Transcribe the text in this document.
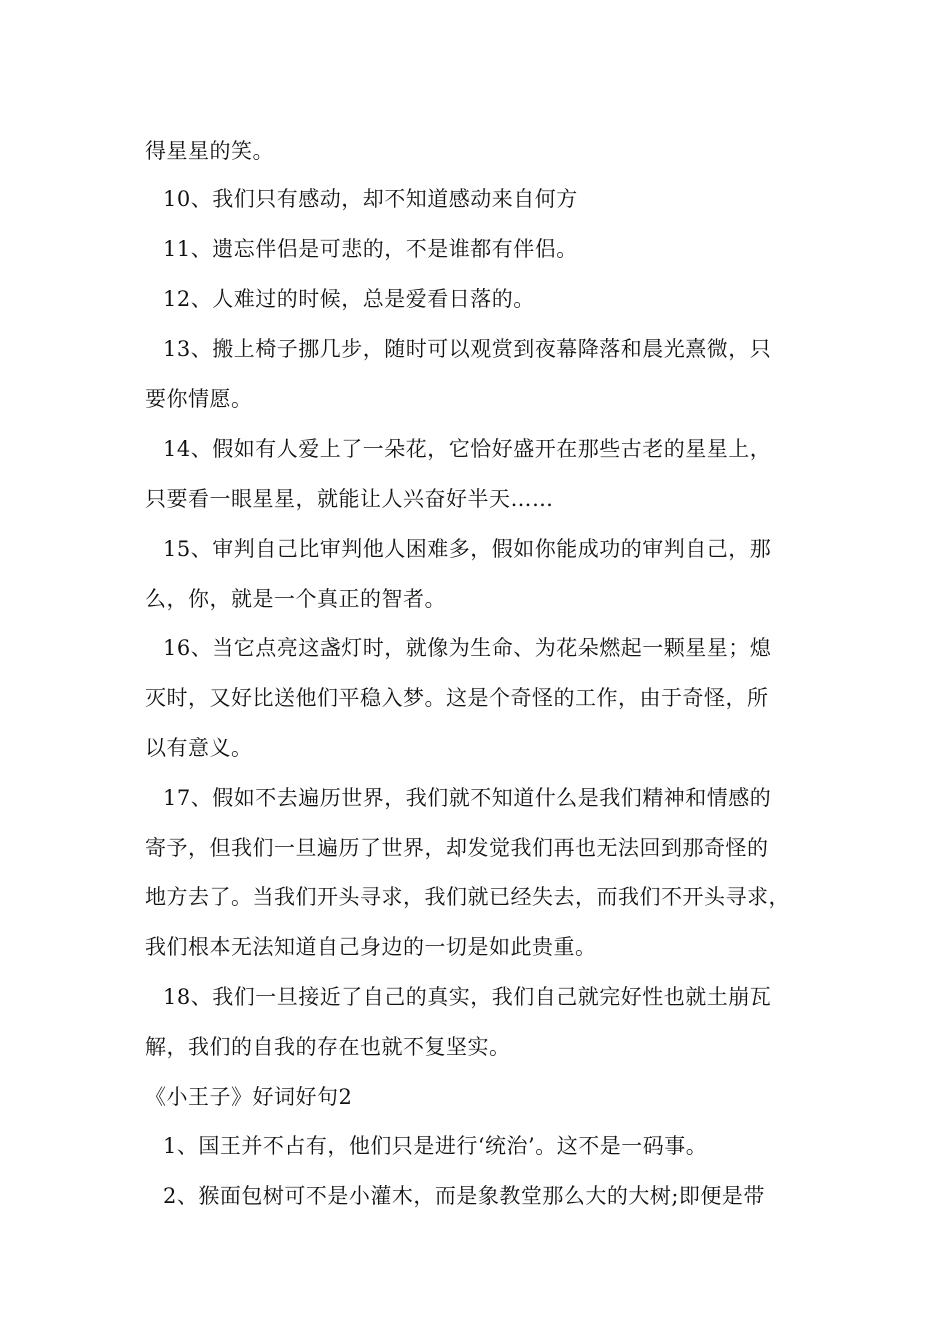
得星星的笑。
10、我们只有感动，却不知道感动来自何方
11、遗忘伴侣是可悲的，不是谁都有伴侣。
12、人难过的时候，总是爱看日落的。
13、搬上椅子挪几步，随时可以观赏到夜幕降落和晨光熹微，只
要你情愿。
14、假如有人爱上了一朵花，它恰好盛开在那些古老的星星上，
只要看一眼星星，就能让人兴奋好半天……
15、审判自己比审判他人困难多，假如你能成功的审判自己，那
么，你，就是一个真正的智者。
16、当它点亮这盏灯时，就像为生命、为花朵燃起一颗星星；熄
灭时，又好比送他们平稳入梦。这是个奇怪的工作，由于奇怪，所
以有意义。
17、假如不去遍历世界，我们就不知道什么是我们精神和情感的
寄予，但我们一旦遍历了世界，却发觉我们再也无法回到那奇怪的
地方去了。当我们开头寻求，我们就已经失去，而我们不开头寻求，
我们根本无法知道自己身边的一切是如此贵重。
18、我们一旦接近了自己的真实，我们自己就完好性也就土崩瓦
解，我们的自我的存在也就不复坚实。
《小王子》好词好句2
1、国王并不占有，他们只是进行‘统治’。这不是一码事。
2、猴面包树可不是小灌木，而是象教堂那么大的大树;即便是带
